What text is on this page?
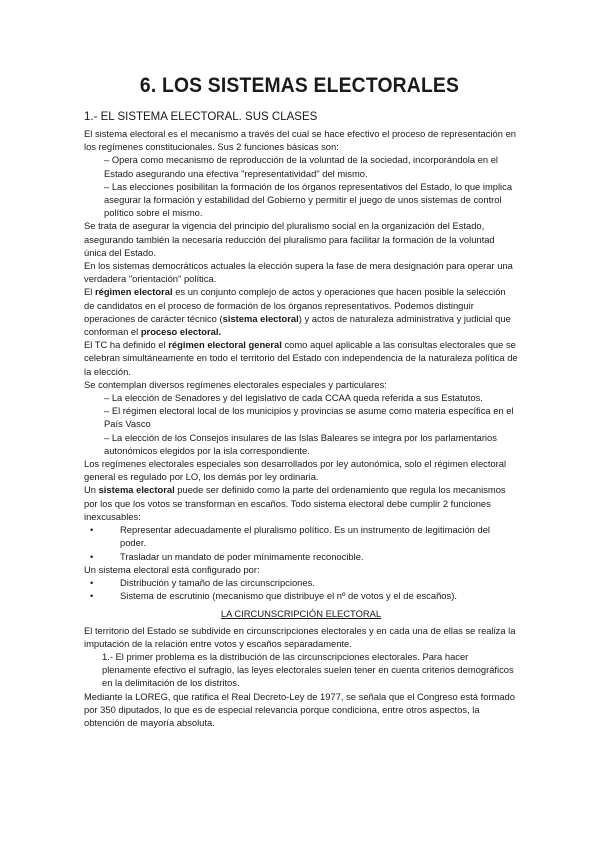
6. LOS SISTEMAS ELECTORALES

1.- EL SISTEMA ELECTORAL. SUS CLASES

El sistema electoral es el mecanismo a través del cual se hace efectivo el proceso de representación en los regímenes constitucionales. Sus 2 funciones básicas son:

– Opera como mecanismo de reproducción de la voluntad de la sociedad, incorporándola en el Estado asegurando una efectiva "representatividad" del mismo.

– Las elecciones posibilitan la formación de los órganos representativos del Estado, lo que implica asegurar la formación y estabilidad del Gobierno y permitir el juego de unos sistemas de control político sobre el mismo.

Se trata de asegurar la vigencia del principio del pluralismo social en la organización del Estado, asegurando también la necesaria reducción del pluralismo para facilitar la formación de la voluntad única del Estado.

En los sistemas democráticos actuales la elección supera la fase de mera designación para operar una verdadera "orientación" política.

El régimen electoral es un conjunto complejo de actos y operaciones que hacen posible la selección de candidatos en el proceso de formación de los órganos representativos. Podemos distinguir operaciones de carácter técnico (sistema electoral) y actos de naturaleza administrativa y judicial que conforman el proceso electoral.

El TC ha definido el régimen electoral general como aquel aplicable a las consultas electorales que se celebran simultáneamente en todo el territorio del Estado con independencia de la naturaleza política de la elección.

Se contemplan diversos regímenes electorales especiales y particulares:

– La elección de Senadores y del legislativo de cada CCAA queda referida a sus Estatutos.

– El régimen electoral local de los municipios y provincias se asume como materia específica en el País Vasco

– La elección de los Consejos insulares de las Islas Baleares se integra por los parlamentarios autonómicos elegidos por la isla correspondiente.

Los regímenes electorales especiales son desarrollados por ley autonómica, solo el régimen electoral general es regulado por LO, los demás por ley ordinaria.

Un sistema electoral puede ser definido como la parte del ordenamiento que regula los mecanismos por los que los votos se transforman en escaños. Todo sistema electoral debe cumplir 2 funciones inexcusables:

•	Representar adecuadamente el pluralismo político. Es un instrumento de legitimación del poder.
•	Trasladar un mandato de poder mínimamente reconocible.

Un sistema electoral está configurado por:

•	Distribución y tamaño de las circunscripciones.
•	Sistema de escrutinio (mecanismo que distribuye el nº de votos y el de escaños).

LA CIRCUNSCRIPCIÓN ELECTORAL

El territorio del Estado se subdivide en circunscripciones electorales y en cada una de ellas se realiza la imputación de la relación entre votos y escaños separadamente.

1.- El primer problema es la distribución de las circunscripciones electorales. Para hacer plenamente efectivo el sufragio, las leyes electorales suelen tener en cuenta criterios demográficos en la delimitación de los distritos.

Mediante la LOREG, que ratifica el Real Decreto-Ley de 1977, se señala que el Congreso está formado por 350 diputados, lo que es de especial relevancia porque condiciona, entre otros aspectos, la obtención de mayoría absoluta.
